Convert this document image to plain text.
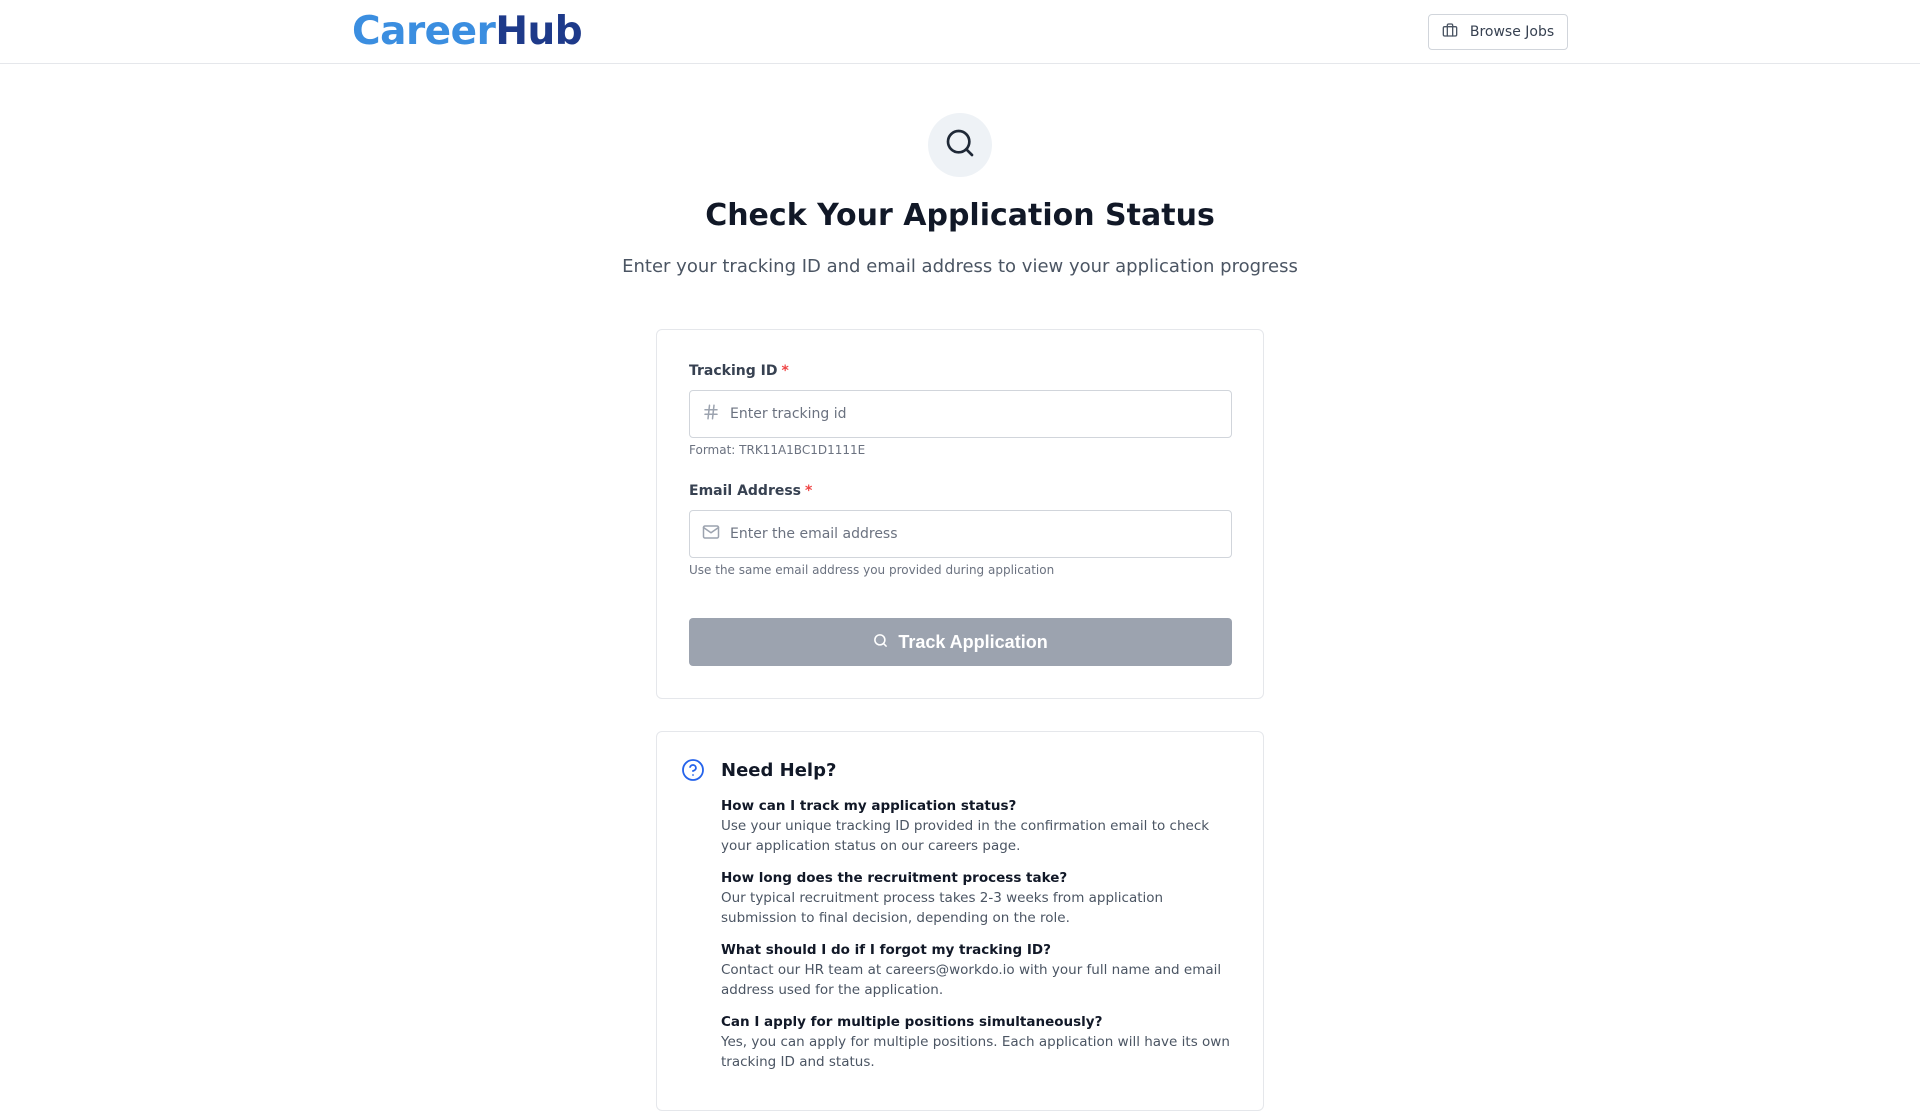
Career Hub	Browse Jobs
Check Your Application Status
Enter your tracking ID and email address to view your application progress
Tracking ID *
Enter tracking id
Format: TRK11A1BC1D1111E
Email Address *
Enter the email address
Use the same email address you provided during application
Track Application
Need Help?
How can I track my application status?
Use your unique tracking ID provided in the confirmation email to check your application status on our careers page.
How long does the recruitment process take?
Our typical recruitment process takes 2-3 weeks from application submission to final decision, depending on the role.
What should I do if I forgot my tracking ID?
Contact our HR team at careers@workdo.io with your full name and email address used for the application.
Can I apply for multiple positions simultaneously?
Yes, you can apply for multiple positions. Each application will have its own tracking ID and status.
